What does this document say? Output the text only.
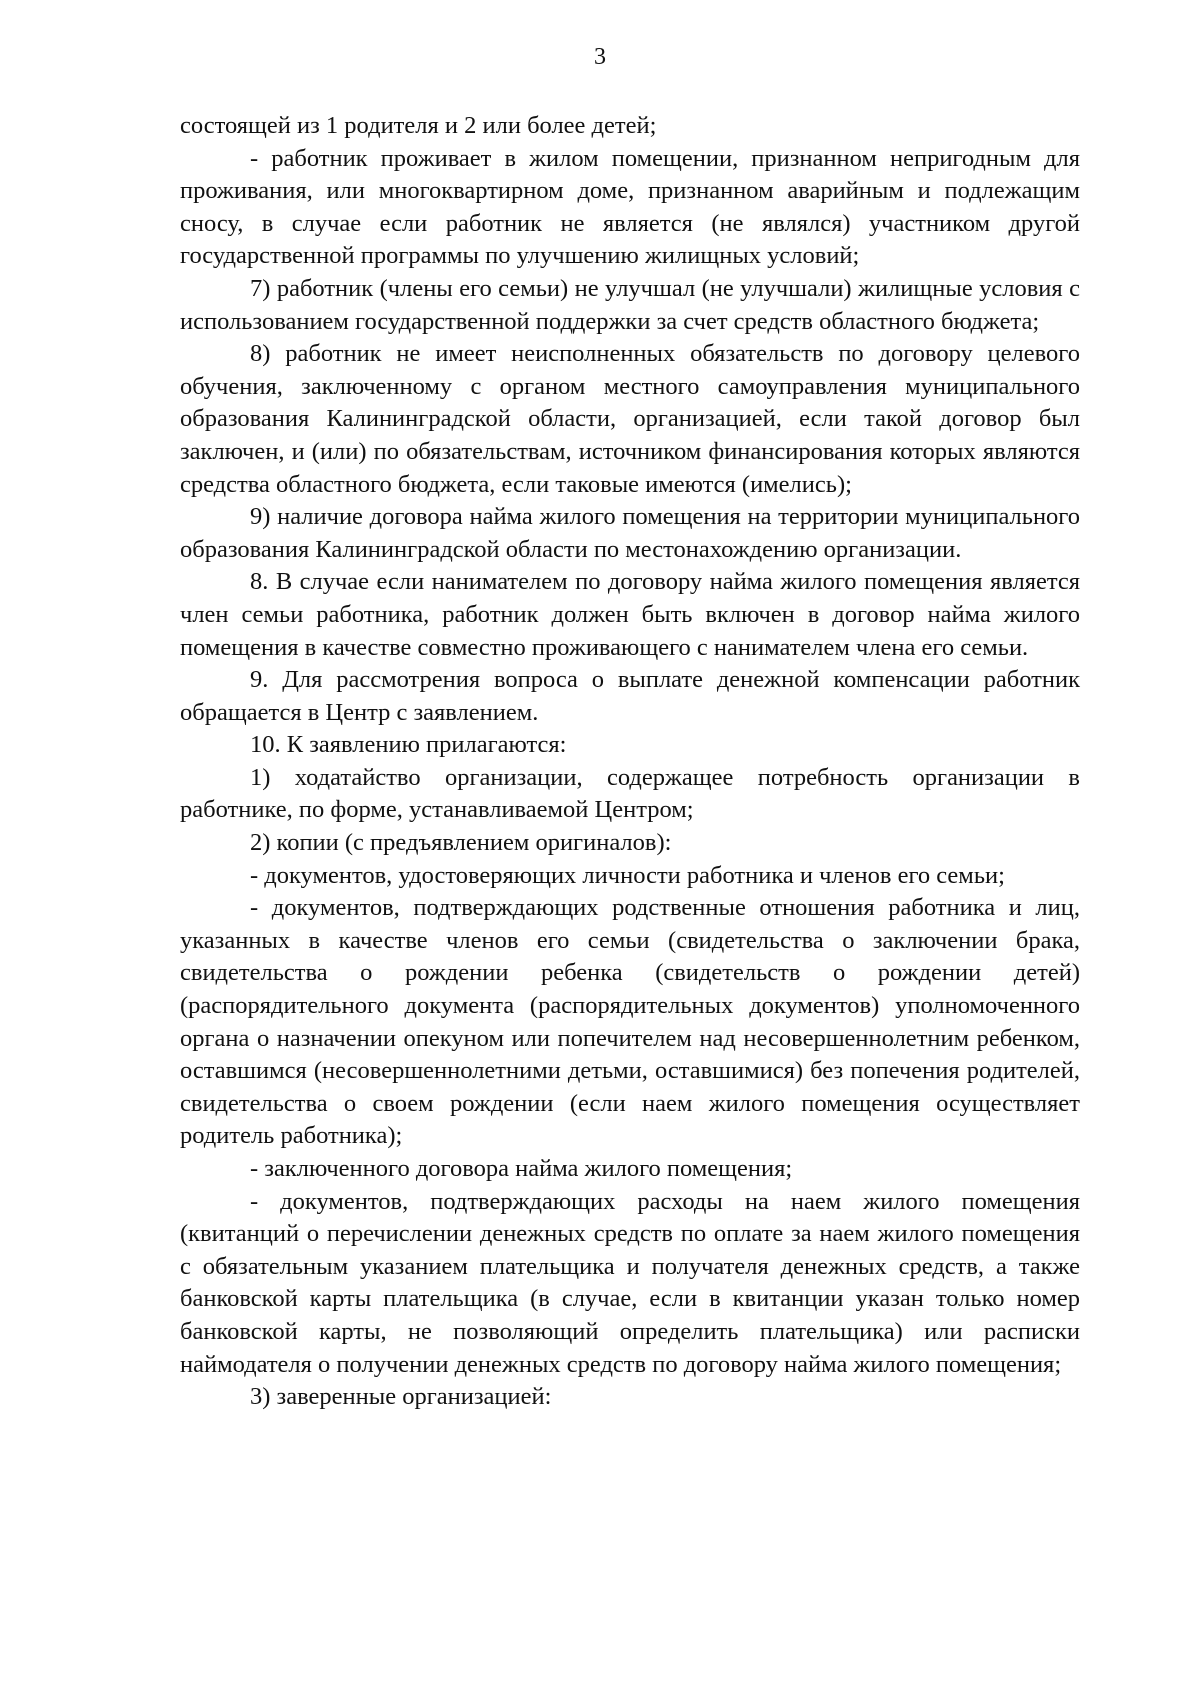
3

состоящей из 1 родителя и 2 или более детей;

- работник проживает в жилом помещении, признанном непригодным для проживания, или многоквартирном доме, признанном аварийным и подлежащим сносу, в случае если работник не является (не являлся) участником другой государственной программы по улучшению жилищных условий;

7) работник (члены его семьи) не улучшал (не улучшали) жилищные условия с использованием государственной поддержки за счет средств областного бюджета;

8) работник не имеет неисполненных обязательств по договору целевого обучения, заключенному с органом местного самоуправления муниципального образования Калининградской области, организацией, если такой договор был заключен, и (или) по обязательствам, источником финансирования которых являются средства областного бюджета, если таковые имеются (имелись);

9) наличие договора найма жилого помещения на территории муниципального образования Калининградской области по местонахождению организации.

8. В случае если нанимателем по договору найма жилого помещения является член семьи работника, работник должен быть включен в договор найма жилого помещения в качестве совместно проживающего с нанимателем члена его семьи.

9. Для рассмотрения вопроса о выплате денежной компенсации работник обращается в Центр с заявлением.

10. К заявлению прилагаются:

1) ходатайство организации, содержащее потребность организации в работнике, по форме, устанавливаемой Центром;

2) копии (с предъявлением оригиналов):

- документов, удостоверяющих личности работника и членов его семьи;

- документов, подтверждающих родственные отношения работника и лиц, указанных в качестве членов его семьи (свидетельства о заключении брака, свидетельства о рождении ребенка (свидетельств о рождении детей) (распорядительного документа (распорядительных документов) уполномоченного органа о назначении опекуном или попечителем над несовершеннолетним ребенком, оставшимся (несовершеннолетними детьми, оставшимися) без попечения родителей, свидетельства о своем рождении (если наем жилого помещения осуществляет родитель работника);

- заключенного договора найма жилого помещения;

- документов, подтверждающих расходы на наем жилого помещения (квитанций о перечислении денежных средств по оплате за наем жилого помещения с обязательным указанием плательщика и получателя денежных средств, а также банковской карты плательщика (в случае, если в квитанции указан только номер банковской карты, не позволяющий определить плательщика) или расписки наймодателя о получении денежных средств по договору найма жилого помещения;

3) заверенные организацией:
